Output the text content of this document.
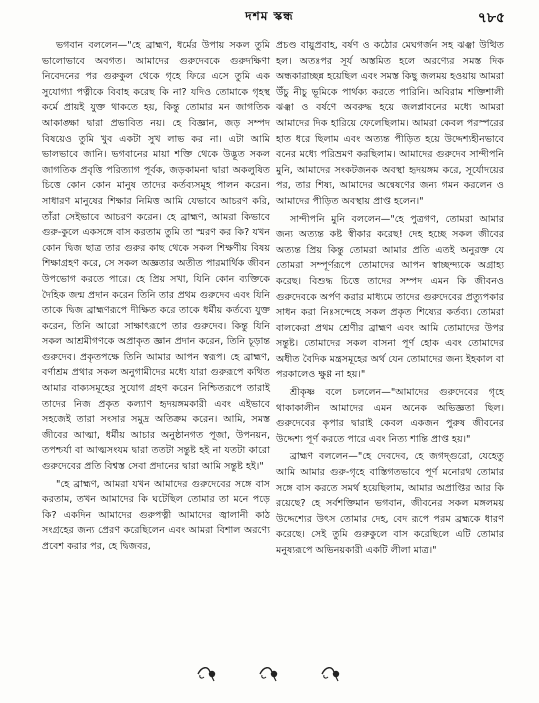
দশম স্কন্ধ	৭৮৫

ভগবান বললেন—"হে ব্রাহ্মণ, ধর্মের উপায় সকল তুমি ভালোভাবে অবগত। আমাদের গুরুদেবকে গুরুদক্ষিণা নিবেদনের পর গুরুকুল থেকে গৃহে ফিরে এসে তুমি এক সুযোগ্যা পত্নীকে বিবাহ করেছ কি না? যদিও তোমাকে গৃহস্থ কর্মে প্রায়ই যুক্ত থাকতে হয়, কিন্তু তোমার মন জাগতিক আকাঙ্ক্ষা দ্বারা প্রভাবিত নয়। হে বিজ্ঞান, জড় সম্পদ বিষয়েও তুমি খুব একটা সুখ লাভ কর না। এটা আমি ভালভাবে জানি। ভগবানের মায়া শক্তি থেকে উদ্ভূত সকল জাগতিক প্রবৃত্তি পরিত্যাগ পূর্বক, জড়কামনা দ্বারা অকলুষিত চিত্তে কোন কোন মানুষ তাদের কর্তব্যসমূহ পালন করেন। সাধারণ মানুষের শিক্ষার নিমিত্ত আমি যেভাবে আচরণ করি, তাঁরা সেইভাবে আচরণ করেন। হে ব্রাহ্মণ, আমরা কিভাবে গুরু-কুলে একসঙ্গে বাস করতাম তুমি তা স্মরণ কর কি? যখন কোন দ্বিজ ছাত্র তার গুরুর কাছ থেকে সকল শিক্ষণীয় বিষয় শিক্ষাগ্রহণ করে, সে সকল অজ্ঞতার অতীত পারমার্থিক জীবন উপভোগ করতে পারে। হে প্রিয় সখা, যিনি কোন ব্যক্তিকে দৈহিক জন্ম প্রদান করেন তিনি তার প্রথম গুরুদেব এবং যিনি তাকে দ্বিজ ব্রাহ্মণরূপে দীক্ষিত করে তাকে ধর্মীয় কর্তব্যে যুক্ত করেন, তিনি আরো সাক্ষাৎরূপে তার গুরুদেব। কিন্তু যিনি সকল আশ্রমীগণকে অপ্রাকৃত জ্ঞান প্রদান করেন, তিনি চূড়ান্ত গুরুদেব। প্রকৃতপক্ষে তিনি আমার আপন স্বরূপ। হে ব্রাহ্মণ, বর্ণাশ্রম প্রথার সকল অনুগামীদের মধ্যে যারা গুরুরূপে কথিত আমার বাক্যসমূহের সুযোগ গ্রহণ করেন নিশ্চিতরূপে তারাই তাদের নিজ প্রকৃত কল্যাণ হৃদয়ঙ্গমকারী এবং এইভাবে সহজেই তারা সংসার সমুদ্র অতিক্রম করেন। আমি, সমস্ত জীবের আত্মা, ধর্মীয় আচার অনুষ্ঠানগত পূজা, উপনয়ন, তপশ্চর্যা বা আত্মসংযম দ্বারা ততটা সন্তুষ্ট হই না যতটা কারো গুরুদেবের প্রতি বিশ্বস্ত সেবা প্রদানের দ্বারা আমি সন্তুষ্ট হই।"

"হে ব্রাহ্মণ, আমরা যখন আমাদের গুরুদেবের সঙ্গে বাস করতাম, তখন আমাদের কি ঘটেছিল তোমার তা মনে পড়ে কি? একদিন আমাদের গুরুপত্নী আমাদের জ্বালানী কাঠ সংগ্রহের জন্য প্রেরণ করেছিলেন এবং আমরা বিশাল অরণ্যে প্রবেশ করার পর, হে দ্বিজবর,

প্রচণ্ড বায়ুপ্রবাহ, বর্ষণ ও কঠোর মেঘগর্জন সহ ঝঞ্ঝা উত্থিত হল। অতঃপর সূর্য অস্তমিত হলে অরণ্যের সমস্ত দিক অন্ধকারাচ্ছন্ন হয়েছিল এবং সমস্ত কিছু জলময় হওয়ায় আমরা উঁচু নীচু ভূমিকে পার্থক্য করতে পারিনি। অবিরাম শক্তিশালী ঝঞ্ঝা ও বর্ষণে অবরুদ্ধ হয়ে জলপ্লাবনের মধ্যে আমরা আমাদের দিক হারিয়ে ফেলেছিলাম। আমরা কেবল পরস্পরের হাত ধরে ছিলাম এবং অত্যন্ত পীড়িত হয়ে উদ্দেশ্যহীনভাবে বনের মধ্যে পরিভ্রমণ করছিলাম। আমাদের গুরুদেব সান্দীপনি মুনি, আমাদের সংকটজনক অবস্থা হৃদয়ঙ্গম করে, সূর্যোদয়ের পর, তার শিষ্য, আমাদের অন্বেষণের জন্য গমন করলেন ও আমাদের পীড়িত অবস্থায় প্রাপ্ত হলেন।"

সান্দীপনি মুনি বললেন—"হে পুত্রগণ, তোমরা আমার জন্য অত্যন্ত কষ্ট স্বীকার করেছ! দেহ হচ্ছে সকল জীবের অত্যন্ত প্রিয় কিন্তু তোমরা আমার প্রতি এতই অনুরক্ত যে তোমরা সম্পূর্ণরূপে তোমাদের আপন স্বাচ্ছন্দ্যকে অগ্রাহ্য করেছ। বিশুদ্ধ চিত্তে তাদের সম্পদ এমন কি জীবনও গুরুদেবকে অর্পণ করার মাধ্যমে তাদের গুরুদেবের প্রত্যুপকার সাধন করা নিঃসন্দেহে সকল প্রকৃত শিষ্যের কর্তব্য। তোমরা বালকেরা প্রথম শ্রেণীর ব্রাহ্মণ এবং আমি তোমাদের উপর সন্তুষ্ট। তোমাদের সকল বাসনা পূর্ণ হোক এবং তোমাদের অধীত বৈদিক মন্ত্রসমূহের অর্থ যেন তোমাদের জন্য ইহকাল বা পরকালেও ক্ষুণ্ণ না হয়।"

শ্রীকৃষ্ণ বলে চললেন—"আমাদের গুরুদেবের গৃহে থাকাকালীন আমাদের এমন অনেক অভিজ্ঞতা ছিল। গুরুদেবের কৃপার দ্বারাই কেবল একজন পুরুষ জীবনের উদ্দেশ্য পূর্ণ করতে পারে এবং নিত্য শান্তি প্রাপ্ত হয়।"

ব্রাহ্মণ বললেন—"হে দেবদেব, হে জগদ্গুরো, যেহেতু আমি আমার গুরু-গৃহে বাস্তিগতভাবে পূর্ণ মনোরথ তোমার সঙ্গে বাস করতে সমর্থ হয়েছিলাম, আমার অপ্রাপ্তির আর কি রয়েছে? হে সর্বশক্তিমান ভগবান, জীবনের সকল মঙ্গলময় উদ্দেশ্যের উৎস তোমার দেহ, বেদ রূপে পরম ব্রহ্মকে ধারণ করেছে। সেই তুমি গুরুকুলে বাস করেছিলে এটি তোমার মনুষ্যরূপে অভিনয়কারী একটি লীলা মাত্র।"
